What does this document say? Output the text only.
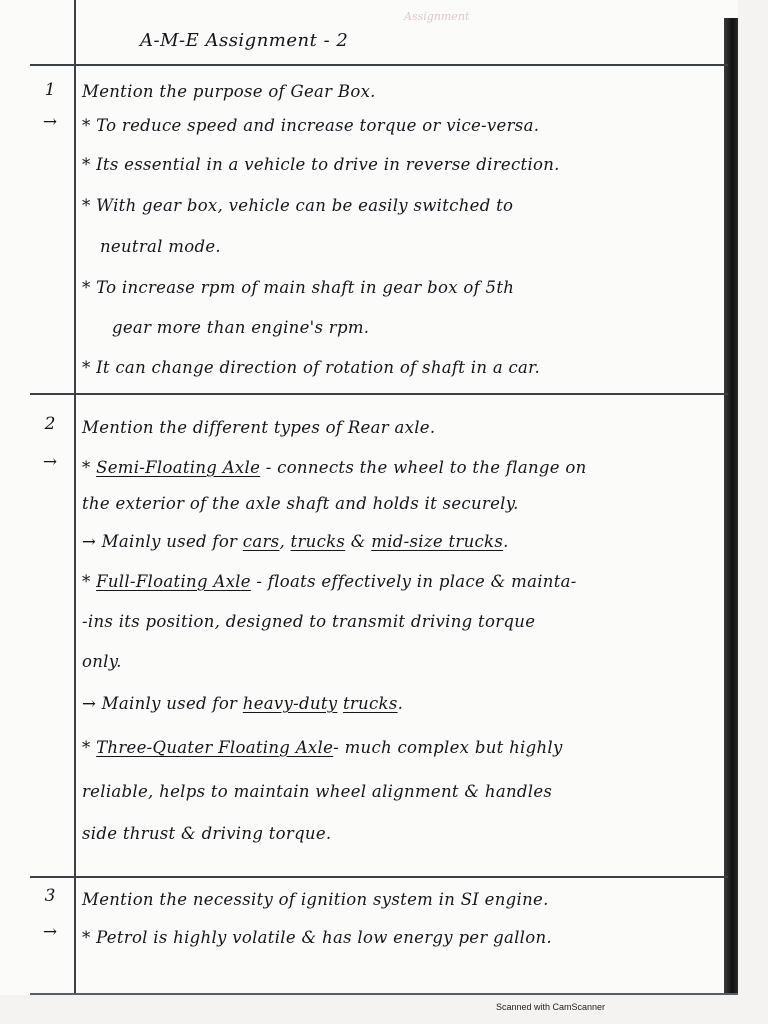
Assignment
A-M-E Assignment - 2
1
→
Mention the purpose of Gear Box.
* To reduce speed and increase torque or vice-versa.
* Its essential in a vehicle to drive in reverse direction.
* With gear box, vehicle can be easily switched to
neutral mode.
* To increase rpm of main shaft in gear box of 5th
gear more than engine's rpm.
* It can change direction of rotation of shaft in a car.
2
→
Mention the different types of Rear axle.
* Semi-Floating Axle - connects the wheel to the flange on
the exterior of the axle shaft and holds it securely.
→ Mainly used for cars, trucks & mid-size trucks.
* Full-Floating Axle - floats effectively in place & mainta-
-ins its position, designed to transmit driving torque
only.
→ Mainly used for heavy-duty trucks.
* Three-Quater Floating Axle- much complex but highly
reliable, helps to maintain wheel alignment & handles
side thrust & driving torque.
3
→
Mention the necessity of ignition system in SI engine.
* Petrol is highly volatile & has low energy per gallon.
Scanned with CamScanner
